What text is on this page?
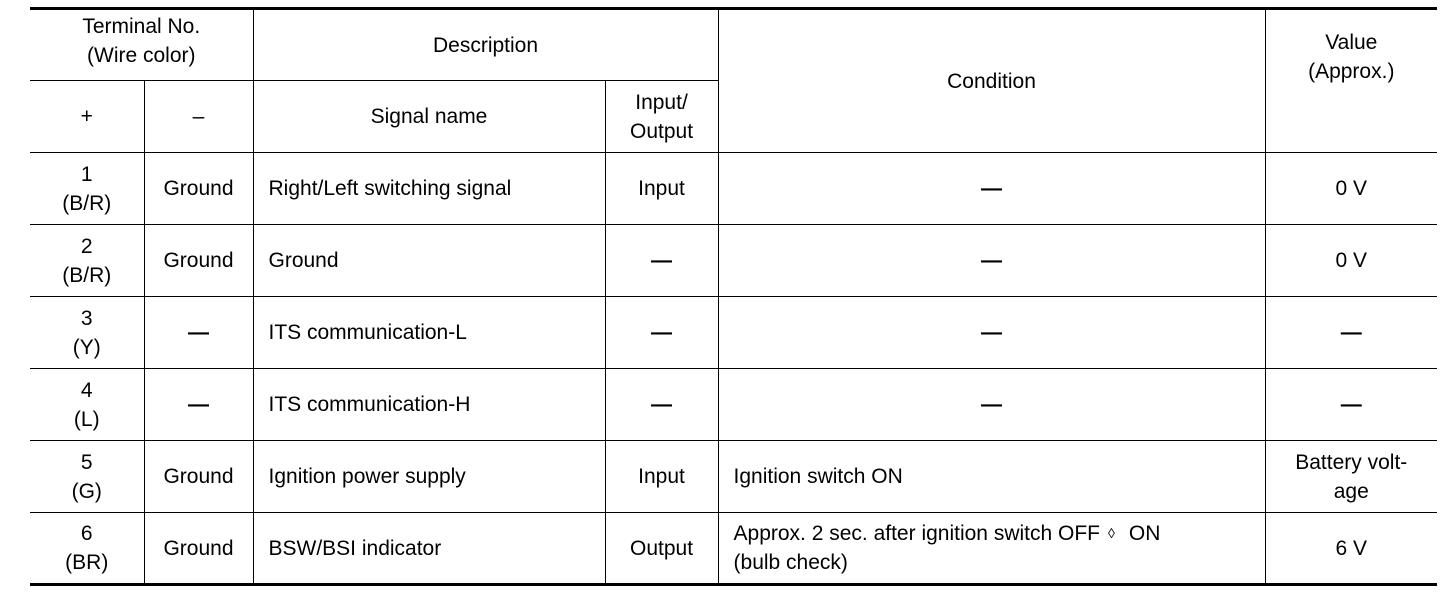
Terminal No.
(Wire color)		Description		Condition	Value
(Approx.)

+	–	Signal name	Input/
Output		

1
(B/R)	Ground	Right/Left switching signal	Input	—	0 V

2
(B/R)	Ground	Ground	—	—	0 V

3
(Y)	—	ITS communication-L	—	—	—

4
(L)	—	ITS communication-H	—	—	—

5
(G)	Ground	Ignition power supply	Input	Ignition switch ON	Battery volt-
age

6
(BR)	Ground	BSW/BSI indicator	Output	Approx. 2 sec. after ignition switch OFF ◊ ON
(bulb check)	6 V
